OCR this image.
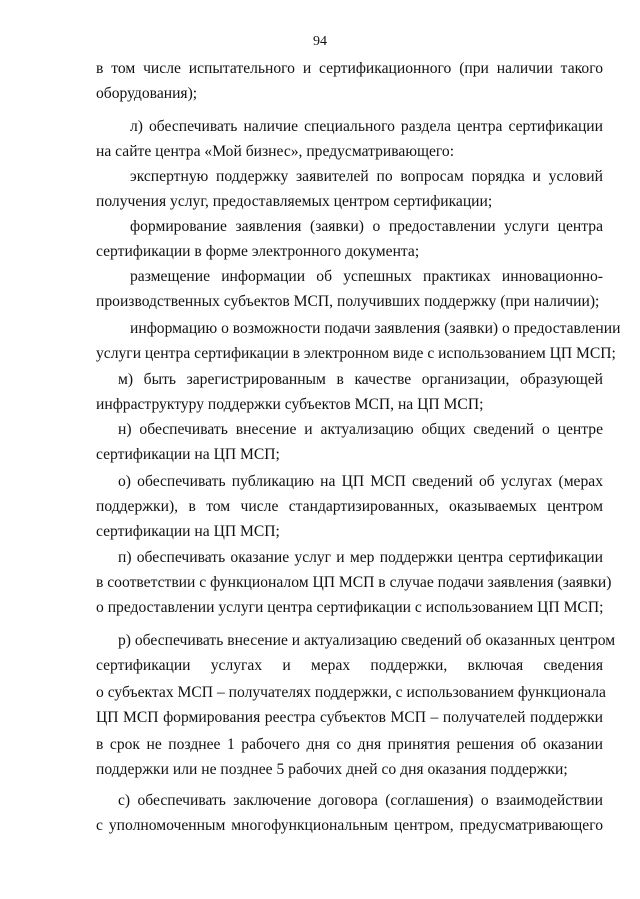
94
в том числе испытательного и сертификационного (при наличии такого
оборудования);
л) обеспечивать наличие специального раздела центра сертификации
на сайте центра «Мой бизнес», предусматривающего:
экспертную поддержку заявителей по вопросам порядка и условий
получения услуг, предоставляемых центром сертификации;
формирование заявления (заявки) о предоставлении услуги центра
сертификации в форме электронного документа;
размещение информации об успешных практиках инновационно-
производственных субъектов МСП, получивших поддержку (при наличии);
информацию о возможности подачи заявления (заявки) о предоставлении
услуги центра сертификации в электронном виде с использованием ЦП МСП;
м) быть зарегистрированным в качестве организации, образующей
инфраструктуру поддержки субъектов МСП, на ЦП МСП;
н) обеспечивать внесение и актуализацию общих сведений о центре
сертификации на ЦП МСП;
о) обеспечивать публикацию на ЦП МСП сведений об услугах (мерах
поддержки), в том числе стандартизированных, оказываемых центром
сертификации на ЦП МСП;
п) обеспечивать оказание услуг и мер поддержки центра сертификации
в соответствии с функционалом ЦП МСП в случае подачи заявления (заявки)
о предоставлении услуги центра сертификации с использованием ЦП МСП;
р) обеспечивать внесение и актуализацию сведений об оказанных центром
сертификации услугах и мерах поддержки, включая сведения
о субъектах МСП – получателях поддержки, с использованием функционала
ЦП МСП формирования реестра субъектов МСП – получателей поддержки
в срок не позднее 1 рабочего дня со дня принятия решения об оказании
поддержки или не позднее 5 рабочих дней со дня оказания поддержки;
с) обеспечивать заключение договора (соглашения) о взаимодействии
с уполномоченным многофункциональным центром, предусматривающего
